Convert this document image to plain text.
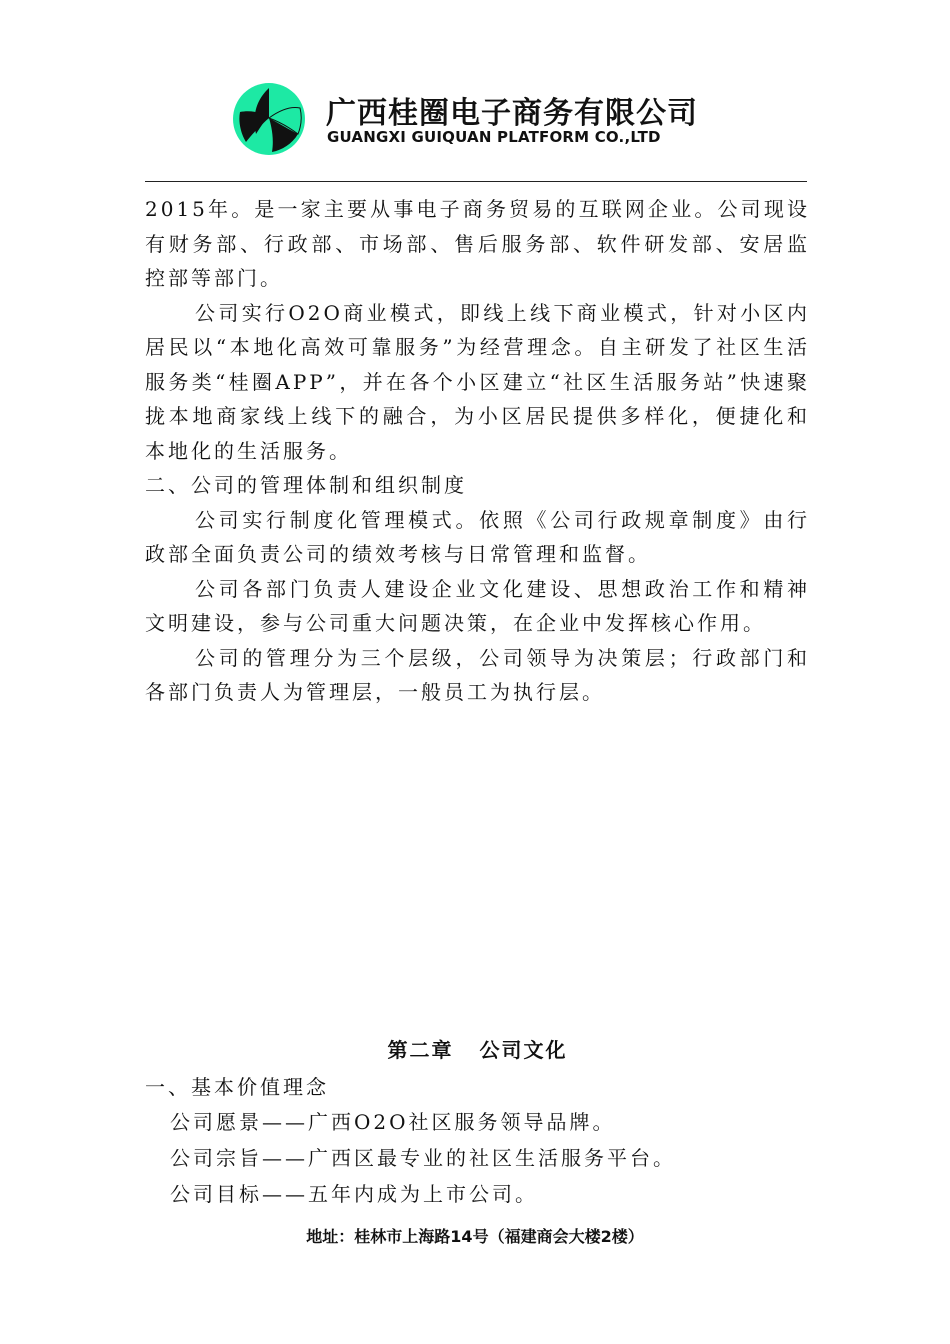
广西桂圈电子商务有限公司
GUANGXI GUIQUAN PLATFORM CO.,LTD

2015年。是一家主要从事电子商务贸易的互联网企业。公司现设有财务部、行政部、市场部、售后服务部、软件研发部、安居监控部等部门。

公司实行O2O商业模式，即线上线下商业模式，针对小区内居民以“本地化高效可靠服务”为经营理念。自主研发了社区生活服务类“桂圈APP”，并在各个小区建立“社区生活服务站”快速聚拢本地商家线上线下的融合，为小区居民提供多样化，便捷化和本地化的生活服务。

二、公司的管理体制和组织制度

公司实行制度化管理模式。依照《公司行政规章制度》由行政部全面负责公司的绩效考核与日常管理和监督。

公司各部门负责人建设企业文化建设、思想政治工作和精神文明建设，参与公司重大问题决策，在企业中发挥核心作用。

公司的管理分为三个层级，公司领导为决策层；行政部门和各部门负责人为管理层，一般员工为执行层。

第二章 公司文化

一、基本价值理念

公司愿景——广西O2O社区服务领导品牌。

公司宗旨——广西区最专业的社区生活服务平台。

公司目标——五年内成为上市公司。

地址：桂林市上海路14号（福建商会大楼2楼）
